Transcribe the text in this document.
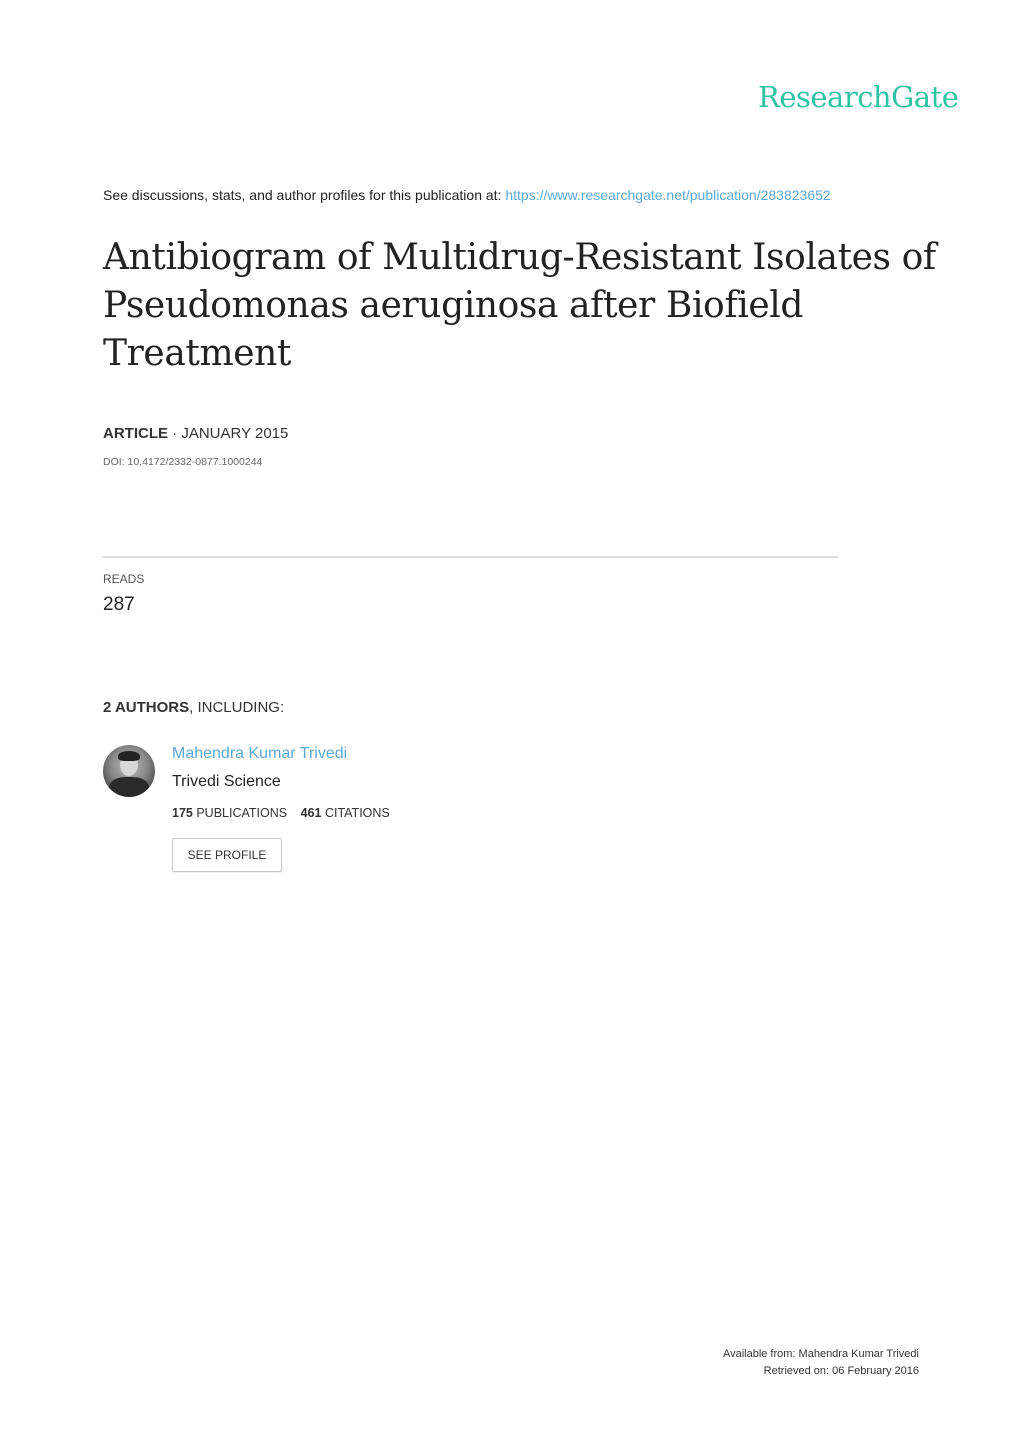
ResearchGate
See discussions, stats, and author profiles for this publication at: https://www.researchgate.net/publication/283823652
Antibiogram of Multidrug-Resistant Isolates of Pseudomonas aeruginosa after Biofield Treatment
ARTICLE · JANUARY 2015
DOI: 10.4172/2332-0877.1000244
READS
287
2 AUTHORS, INCLUDING:
Mahendra Kumar Trivedi
Trivedi Science
175 PUBLICATIONS 461 CITATIONS
SEE PROFILE
Available from: Mahendra Kumar Trivedi
Retrieved on: 06 February 2016
